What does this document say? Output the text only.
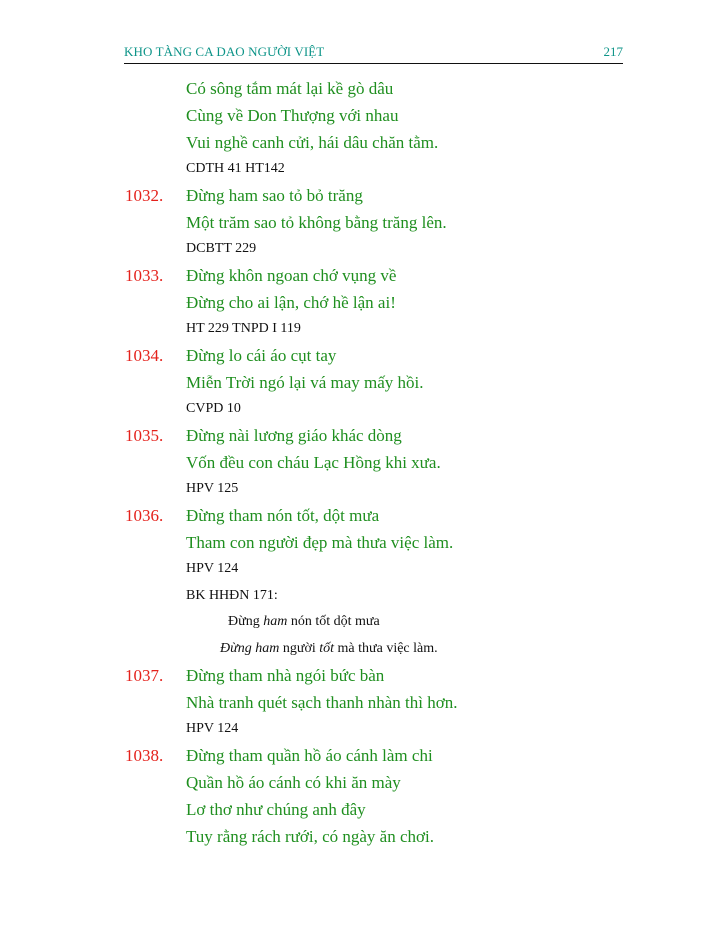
KHO TÀNG CA DAO NGƯỜI VIỆT	217
Có sông tắm mát lại kề gò dâu
Cùng về Don Thượng với nhau
Vui nghề canh cửi, hái dâu chăn tằm.
CDTH 41 HT142
1032. Đừng ham sao tỏ bỏ trăng
Một trăm sao tỏ không bằng trăng lên.
DCBTT 229
1033. Đừng khôn ngoan chớ vụng về
Đừng cho ai lận, chớ hề lận ai!
HT 229 TNPD I 119
1034. Đừng lo cái áo cụt tay
Miễn Trời ngó lại vá may mấy hồi.
CVPD 10
1035. Đừng nài lương giáo khác dòng
Vốn đều con cháu Lạc Hồng khi xưa.
HPV 125
1036. Đừng tham nón tốt, dột mưa
Tham con người đẹp mà thưa việc làm.
HPV 124
BK HHĐN 171:
Đừng ham nón tốt dột mưa
Đừng ham người tốt mà thưa việc làm.
1037. Đừng tham nhà ngói bức bàn
Nhà tranh quét sạch thanh nhàn thì hơn.
HPV 124
1038. Đừng tham quần hồ áo cánh làm chi
Quần hồ áo cánh có khi ăn mày
Lơ thơ như chúng anh đây
Tuy rằng rách rưới, có ngày ăn chơi.
